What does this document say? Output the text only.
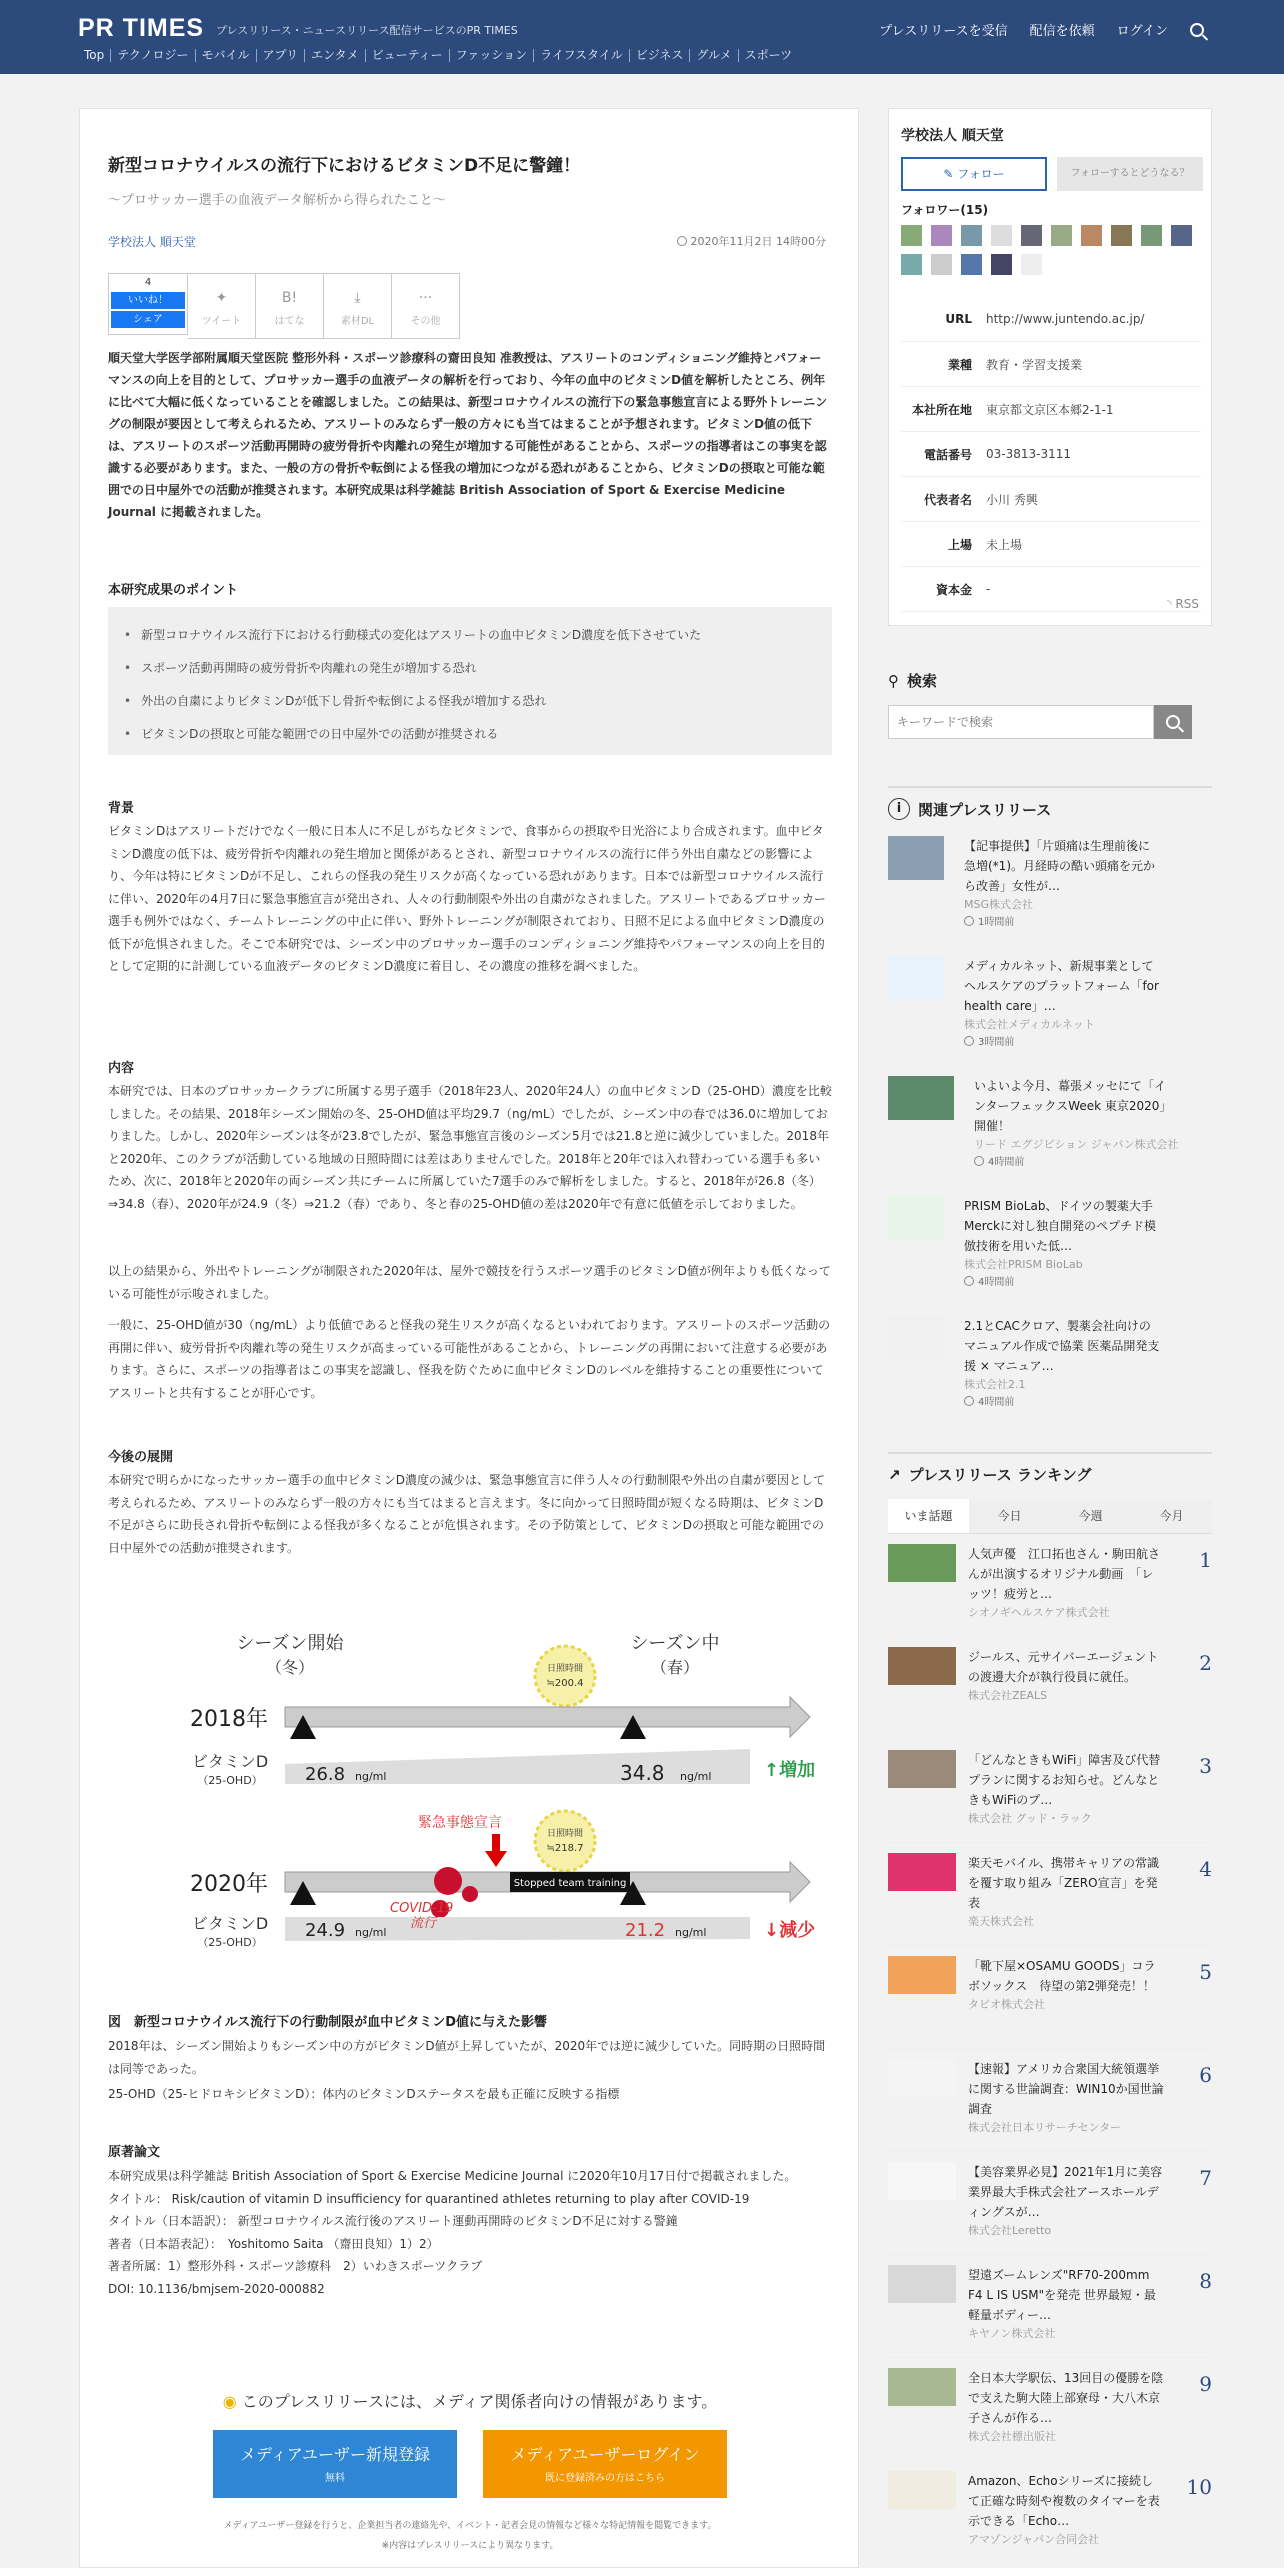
PR TIMES プレスリリース・ニュースリリース配信サービスのPR TIMES	プレスリリースを受信 配信を依頼 ログイン
Top	テクノロジー	モバイル	アプリ	エンタメ	ビューティー	ファッション	ライフスタイル	ビジネス	グルメ	スポーツ
新型コロナウイルスの流行下におけるビタミンD不足に警鐘！
～プロサッカー選手の血液データ解析から得られたこと～
学校法人 順天堂	2020年11月2日 14時00分
4
いいね！
シェア
✦
ツイート
B!
はてな
⤓
素材DL
···
その他
順天堂大学医学部附属順天堂医院 整形外科・スポーツ診療科の齋田良知 准教授は、アスリートのコンディショニング維持とパフォーマンスの向上を目的として、プロサッカー選手の血液データの解析を行っており、今年の血中のビタミンD値を解析したところ、例年に比べて大幅に低くなっていることを確認しました。この結果は、新型コロナウイルスの流行下の緊急事態宣言による野外トレーニングの制限が要因として考えられるため、アスリートのみならず一般の方々にも当てはまることが予想されます。ビタミンD値の低下は、アスリートのスポーツ活動再開時の疲労骨折や肉離れの発生が増加する可能性があることから、スポーツの指導者はこの事実を認識する必要があります。また、一般の方の骨折や転倒による怪我の増加につながる恐れがあることから、ビタミンDの摂取と可能な範囲での日中屋外での活動が推奨されます。本研究成果は科学雑誌 British Association of Sport & Exercise Medicine Journal に掲載されました。
本研究成果のポイント
• 新型コロナウイルス流行下における行動様式の変化はアスリートの血中ビタミンD濃度を低下させていた
• スポーツ活動再開時の疲労骨折や肉離れの発生が増加する恐れ
• 外出の自粛によりビタミンDが低下し骨折や転倒による怪我が増加する恐れ
• ビタミンDの摂取と可能な範囲での日中屋外での活動が推奨される
背景
ビタミンDはアスリートだけでなく一般に日本人に不足しがちなビタミンで、食事からの摂取や日光浴により合成されます。血中ビタミンD濃度の低下は、疲労骨折や肉離れの発生増加と関係があるとされ、新型コロナウイルスの流行に伴う外出自粛などの影響により、今年は特にビタミンDが不足し、これらの怪我の発生リスクが高くなっている恐れがあります。日本では新型コロナウイルス流行に伴い、2020年の4月7日に緊急事態宣言が発出され、人々の行動制限や外出の自粛がなされました。アスリートであるプロサッカー選手も例外ではなく、チームトレーニングの中止に伴い、野外トレーニングが制限されており、日照不足による血中ビタミンD濃度の低下が危惧されました。そこで本研究では、シーズン中のプロサッカー選手のコンディショニング維持やパフォーマンスの向上を目的として定期的に計測している血液データのビタミンD濃度に着目し、その濃度の推移を調べました。
内容
本研究では、日本のプロサッカークラブに所属する男子選手（2018年23人、2020年24人）の血中ビタミンD（25-OHD）濃度を比較しました。その結果、2018年シーズン開始の冬、25-OHD値は平均29.7（ng/mL）でしたが、シーズン中の春では36.0に増加しておりました。しかし、2020年シーズンは冬が23.8でしたが、緊急事態宣言後のシーズン5月では21.8と逆に減少していました。2018年と2020年、このクラブが活動している地域の日照時間には差はありませんでした。2018年と20年では入れ替わっている選手も多いため、次に、2018年と2020年の両シーズン共にチームに所属していた7選手のみで解析をしました。すると、2018年が26.8（冬）⇒34.8（春）、2020年が24.9（冬）⇒21.2（春）であり、冬と春の25-OHD値の差は2020年で有意に低値を示しておりました。
以上の結果から、外出やトレーニングが制限された2020年は、屋外で競技を行うスポーツ選手のビタミンD値が例年よりも低くなっている可能性が示唆されました。
一般に、25-OHD値が30（ng/mL）より低値であると怪我の発生リスクが高くなるといわれております。アスリートのスポーツ活動の再開に伴い、疲労骨折や肉離れ等の発生リスクが高まっている可能性があることから、トレーニングの再開において注意する必要があります。さらに、スポーツの指導者はこの事実を認識し、怪我を防ぐために血中ビタミンDのレベルを維持することの重要性についてアスリートと共有することが肝心です。
今後の展開
本研究で明らかになったサッカー選手の血中ビタミンD濃度の減少は、緊急事態宣言に伴う人々の行動制限や外出の自粛が要因として考えられるため、アスリートのみならず一般の方々にも当てはまると言えます。冬に向かって日照時間が短くなる時期は、ビタミンD不足がさらに助長され骨折や転倒による怪我が多くなることが危惧されます。その予防策として、ビタミンDの摂取と可能な範囲での日中屋外での活動が推奨されます。
シーズン開始
（冬）
シーズン中
（春）
日照時間
≒200.4
2018年
ビタミンD
（25-OHD） 26.8 ng/ml	34.8 ng/ml	↑増加
緊急事態宣言
日照時間
≒218.7
2020年	Stopped team training
ビタミンD
（25-OHD）
COVID-19
流行
24.9 ng/ml	21.2 ng/ml	↓減少
図　新型コロナウイルス流行下の行動制限が血中ビタミンD値に与えた影響
2018年は、シーズン開始よりもシーズン中の方がビタミンD値が上昇していたが、2020年では逆に減少していた。同時期の日照時間は同等であった。
25-OHD（25-ヒドロキシビタミンD）：体内のビタミンDステータスを最も正確に反映する指標
原著論文
本研究成果は科学雑誌 British Association of Sport & Exercise Medicine Journal に2020年10月17日付で掲載されました。
タイトル： Risk/caution of vitamin D insufficiency for quarantined athletes returning to play after COVID-19
タイトル（日本語訳）： 新型コロナウイルス流行後のアスリート運動再開時のビタミンD不足に対する警鐘
著者（日本語表記）：　Yoshitomo Saita （齋田良知）1）2）
著者所属：1）整形外科・スポーツ診療科　2）いわきスポーツクラブ
DOI: 10.1136/bmjsem-2020-000882
◉ このプレスリリースには、メディア関係者向けの情報があります。
メディアユーザー新規登録
無料
メディアユーザーログイン
既に登録済みの方はこちら
メディアユーザー登録を行うと、企業担当者の連絡先や、イベント・記者会見の情報など様々な特記情報を閲覧できます。
※内容はプレスリリースにより異なります。
学校法人 順天堂
✎ フォロー	フォローするとどうなる？
フォロワー(15)
URL	http://www.juntendo.ac.jp/
業種	教育・学習支援業
本社所在地	東京都文京区本郷2-1-1
電話番号	03-3813-3111
代表者名	小川 秀興
上場	未上場
資本金	-
◝ RSS
⚲ 検索
キーワードで検索
i	関連プレスリリース
【記事提供】「片頭痛は生理前後に急増(*1)。月経時の酷い頭痛を元から改善」女性が…
MSG株式会社
1時間前
メディカルネット、新規事業としてヘルスケアのプラットフォーム「for health care」…
株式会社メディカルネット
3時間前
いよいよ今月、幕張メッセにて「インターフェックスWeek 東京2020」開催！
リード エグジビション ジャパン株式会社
4時間前
PRISM BioLab、ドイツの製薬大手Merckに対し独自開発のペプチド模倣技術を用いた低…
株式会社PRISM BioLab
4時間前
2.1とCACクロア、製薬会社向けのマニュアル作成で協業 医薬品開発支援 × マニュア…
株式会社2.1
4時間前
↗ プレスリリース ランキング
いま話題	今日	今週	今月
人気声優　江口拓也さん・駒田航さんが出演するオリジナル動画　「レッツ！疲労と…
シオノギヘルスケア株式会社
1
ジールス、元サイバーエージェントの渡邊大介が執行役員に就任。
株式会社ZEALS
2
「どんなときもWiFi」障害及び代替プランに関するお知らせ。どんなときもWiFiのプ…
株式会社 グッド・ラック
3
楽天モバイル、携帯キャリアの常識を覆す取り組み「ZERO宣言」を発表
楽天株式会社
4
「靴下屋×OSAMU GOODS」コラボソックス　待望の第2弾発売！！
タビオ株式会社
5
【速報】アメリカ合衆国大統領選挙に関する世論調査：WIN10か国世論調査
株式会社日本リサーチセンター
6
【美容業界必見】2021年1月に美容業界最大手株式会社アースホールディングスが…
株式会社Leretto
7
望遠ズームレンズ"RF70-200mm F4 L IS USM"を発売 世界最短・最軽量ボディー…
キヤノン株式会社
8
全日本大学駅伝、13回目の優勝を陰で支えた駒大陸上部寮母・大八木京子さんが作る…
株式会社標出版社
9
Amazon、Echoシリーズに接続して正確な時刻や複数のタイマーを表示できる「Echo…
アマゾンジャパン合同会社
10
